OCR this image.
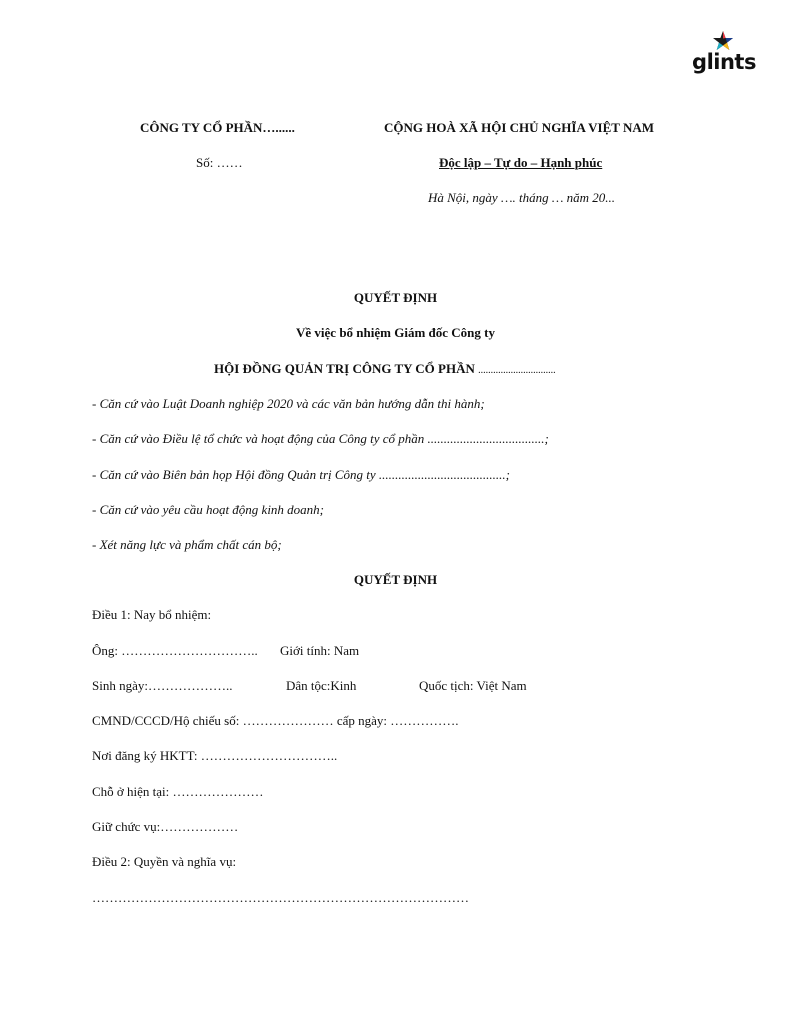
glints
CÔNG TY CỔ PHẦN…......
Số: ……
CỘNG HOÀ XÃ HỘI CHỦ NGHĨA VIỆT NAM
Độc lập – Tự do – Hạnh phúc
Hà Nội, ngày …. tháng … năm 20...
QUYẾT ĐỊNH
Về việc bổ nhiệm Giám đốc Công ty
HỘI ĐỒNG QUẢN TRỊ CÔNG TY CỔ PHẦN ...............................
- Căn cứ vào Luật Doanh nghiệp 2020 và các văn bản hướng dẫn thi hành;
- Căn cứ vào Điều lệ tổ chức và hoạt động của Công ty cổ phần ....................................;
- Căn cứ vào Biên bản họp Hội đồng Quản trị Công ty .......................................;
- Căn cứ vào yêu cầu hoạt động kinh doanh;
- Xét năng lực và phẩm chất cán bộ;
QUYẾT ĐỊNH
Điều 1: Nay bổ nhiệm:
Ông: ………………………….. Giới tính: Nam
Sinh ngày:………………..	Dân tộc:Kinh	Quốc tịch: Việt Nam
CMND/CCCD/Hộ chiếu số: ………………… cấp ngày: …………….
Nơi đăng ký HKTT: …………………………..
Chỗ ở hiện tại: …………………
Giữ chức vụ:………………
Điều 2: Quyền và nghĩa vụ:
……………………………………………………………………………
